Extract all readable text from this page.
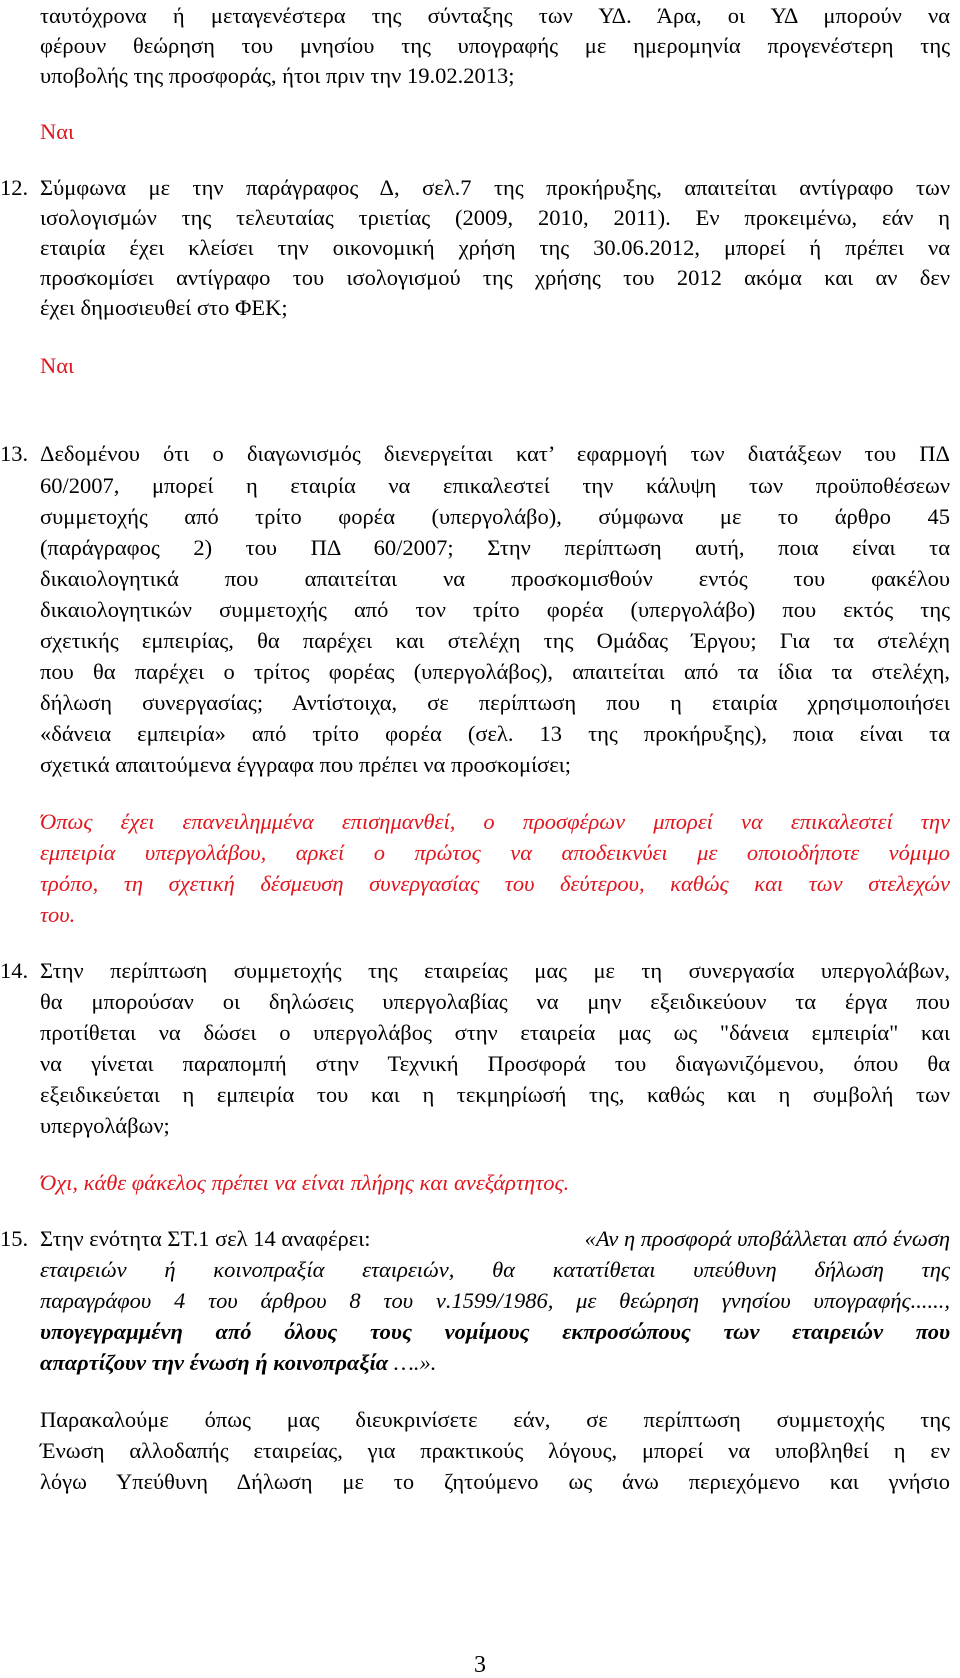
ταυτόχρονα ή μεταγενέστερα της σύνταξης των ΥΔ. Άρα, οι ΥΔ μπορούν να
φέρουν θεώρηση του μνησίου της υπογραφής με ημερομηνία προγενέστερη της
υποβολής της προσφοράς, ήτοι πριν την 19.02.2013;
Ναι
12. Σύμφωνα με την παράγραφος Δ, σελ.7 της προκήρυξης, απαιτείται αντίγραφο των
ισολογισμών της τελευταίας τριετίας (2009, 2010, 2011). Εν προκειμένω, εάν η
εταιρία έχει κλείσει την οικονομική χρήση της 30.06.2012, μπορεί ή πρέπει να
προσκομίσει αντίγραφο του ισολογισμού της χρήσης του 2012 ακόμα και αν δεν
έχει δημοσιευθεί στο ΦΕΚ;
Ναι
13. Δεδομένου ότι ο διαγωνισμός διενεργείται κατ’ εφαρμογή των διατάξεων του ΠΔ
60/2007, μπορεί η εταιρία να επικαλεστεί την κάλυψη των προϋποθέσεων
συμμετοχής από τρίτο φορέα (υπεργολάβο), σύμφωνα με το άρθρο 45
(παράγραφος 2) του ΠΔ 60/2007; Στην περίπτωση αυτή, ποια είναι τα
δικαιολογητικά που απαιτείται να προσκομισθούν εντός του φακέλου
δικαιολογητικών συμμετοχής από τον τρίτο φορέα (υπεργολάβο) που εκτός της
σχετικής εμπειρίας, θα παρέχει και στελέχη της Ομάδας Έργου; Για τα στελέχη
που θα παρέχει ο τρίτος φορέας (υπεργολάβος), απαιτείται από τα ίδια τα στελέχη,
δήλωση συνεργασίας; Αντίστοιχα, σε περίπτωση που η εταιρία χρησιμοποιήσει
«δάνεια εμπειρία» από τρίτο φορέα (σελ. 13 της προκήρυξης), ποια είναι τα
σχετικά απαιτούμενα έγγραφα που πρέπει να προσκομίσει;
Όπως έχει επανειλημμένα επισημανθεί, ο προσφέρων μπορεί να επικαλεστεί την
εμπειρία υπεργολάβου, αρκεί ο πρώτος να αποδεικνύει με οποιοδήποτε νόμιμο
τρόπο, τη σχετική δέσμευση συνεργασίας του δεύτερου, καθώς και των στελεχών
του.
14. Στην περίπτωση συμμετοχής της εταιρείας μας με τη συνεργασία υπεργολάβων,
θα μπορούσαν οι δηλώσεις υπεργολαβίας να μην εξειδικεύουν τα έργα που
προτίθεται να δώσει ο υπεργολάβος στην εταιρεία μας ως "δάνεια εμπειρία" και
να γίνεται παραπομπή στην Τεχνική Προσφορά του διαγωνιζόμενου, όπου θα
εξειδικεύεται η εμπειρία του και η τεκμηρίωσή της, καθώς και η συμβολή των
υπεργολάβων;
Όχι, κάθε φάκελος πρέπει να είναι πλήρης και ανεξάρτητος.
15. Στην ενότητα ΣΤ.1 σελ 14 αναφέρει:	«Αν η προσφορά υποβάλλεται από ένωση
εταιρειών ή κοινοπραξία εταιρειών, θα κατατίθεται υπεύθυνη δήλωση της
παραγράφου 4 του άρθρου 8 του ν.1599/1986, με θεώρηση γνησίου υπογραφής......,
υπογεγραμμένη από όλους τους νομίμους εκπροσώπους των εταιρειών που
απαρτίζουν την ένωση ή κοινοπραξία ….».
Παρακαλούμε όπως μας διευκρινίσετε εάν, σε περίπτωση συμμετοχής της
Ένωση αλλοδαπής εταιρείας, για πρακτικούς λόγους, μπορεί να υποβληθεί η εν
λόγω Υπεύθυνη Δήλωση με το ζητούμενο ως άνω περιεχόμενο και γνήσιο
3
